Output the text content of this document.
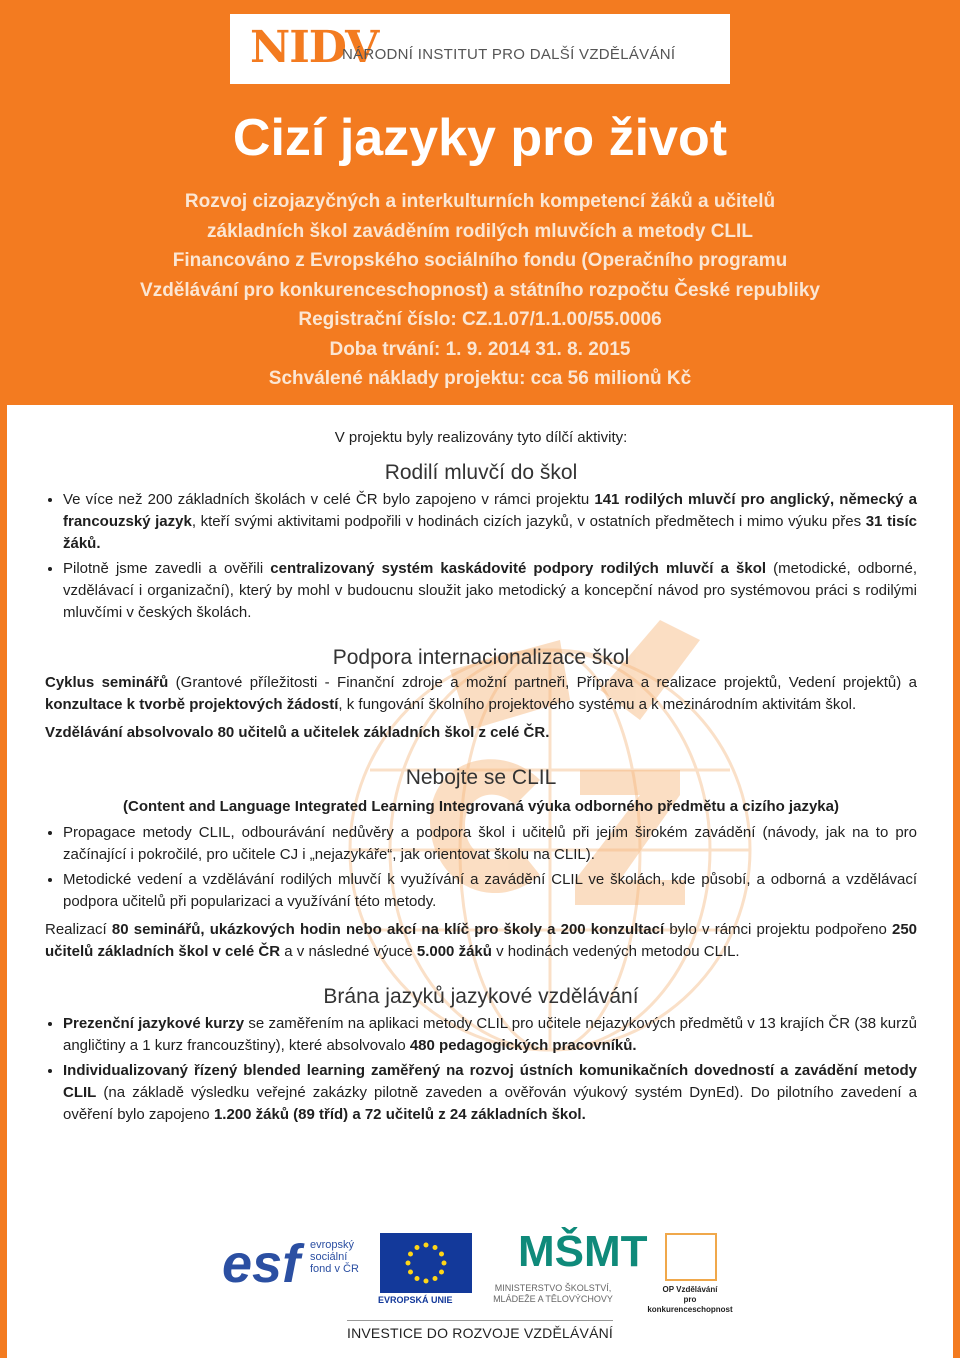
NIDV
NÁRODNÍ INSTITUT PRO DALŠÍ VZDĚLÁVÁNÍ
Cizí jazyky pro život
Rozvoj cizojazyčných a interkulturních kompetencí žáků a učitelů
základních škol zaváděním rodilých mluvčích a metody CLIL
Financováno z Evropského sociálního fondu (Operačního programu
Vzdělávání pro konkurenceschopnost) a státního rozpočtu České republiky
Registrační číslo: CZ.1.07/1.1.00/55.0006
Doba trvání: 1. 9. 2014 31. 8. 2015
Schválené náklady projektu: cca 56 milionů Kč
V projektu byly realizovány tyto dílčí aktivity:
Rodilí mluvčí do škol
• Ve více než 200 základních školách v celé ČR bylo zapojeno v rámci projektu 141 rodilých mluvčí pro anglický, německý a francouzský jazyk, kteří svými aktivitami podpořili v hodinách cizích jazyků, v ostatních předmětech i mimo výuku přes 31 tisíc žáků.
• Pilotně jsme zavedli a ověřili centralizovaný systém kaskádovité podpory rodilých mluvčí a škol (metodické, odborné, vzdělávací i organizační), který by mohl v budoucnu sloužit jako metodický a koncepční návod pro systémovou práci s rodilými mluvčími v českých školách.
Podpora internacionalizace škol

Cyklus seminářů (Grantové příležitosti - Finanční zdroje a možní partneři, Příprava a realizace projektů, Vedení projektů) a konzultace k tvorbě projektových žádostí, k fungování školního projektového systému a k mezinárodním aktivitám škol.

Vzdělávání absolvovalo 80 učitelů a učitelek základních škol z celé ČR.

Nebojte se CLIL
(Content and Language Integrated Learning Integrovaná výuka odborného předmětu a cizího jazyka)
• Propagace metody CLIL, odbourávání nedůvěry a podpora škol i učitelů při jejím širokém zavádění (návody, jak na to pro začínající i pokročilé, pro učitele CJ i „nejazykáře“, jak orientovat školu na CLIL).
• Metodické vedení a vzdělávání rodilých mluvčí k využívání a zavádění CLIL ve školách, kde působí, a odborná a vzdělávací podpora učitelů při popularizaci a využívání této metody.

Realizací 80 seminářů, ukázkových hodin nebo akcí na klíč pro školy a 200 konzultací bylo v rámci projektu podpořeno 250 učitelů základních škol v celé ČR a v následné výuce 5.000 žáků v hodinách vedených metodou CLIL.

Brána jazyků jazykové vzdělávání
• Prezenční jazykové kurzy se zaměřením na aplikaci metody CLIL pro učitele nejazykových předmětů v 13 krajích ČR (38 kurzů angličtiny a 1 kurz francouzštiny), které absolvovalo 480 pedagogických pracovníků.
• Individualizovaný řízený blended learning zaměřený na rozvoj ústních komunikačních dovedností a zavádění metody CLIL (na základě výsledku veřejné zakázky pilotně zaveden a ověřován výukový systém DynEd). Do pilotního zavedení a ověření bylo zapojeno 1.200 žáků (89 tříd) a 72 učitelů z 24 základních škol.
esf evropský
sociální
fond v ČR
EVROPSKÁ UNIE
MŠMT
MINISTERSTVO ŠKOLSTVÍ,
MLÁDEŽE A TĚLOVÝCHOVY
OP Vzdělávání
pro konkurenceschopnost
INVESTICE DO ROZVOJE VZDĚLÁVÁNÍ
